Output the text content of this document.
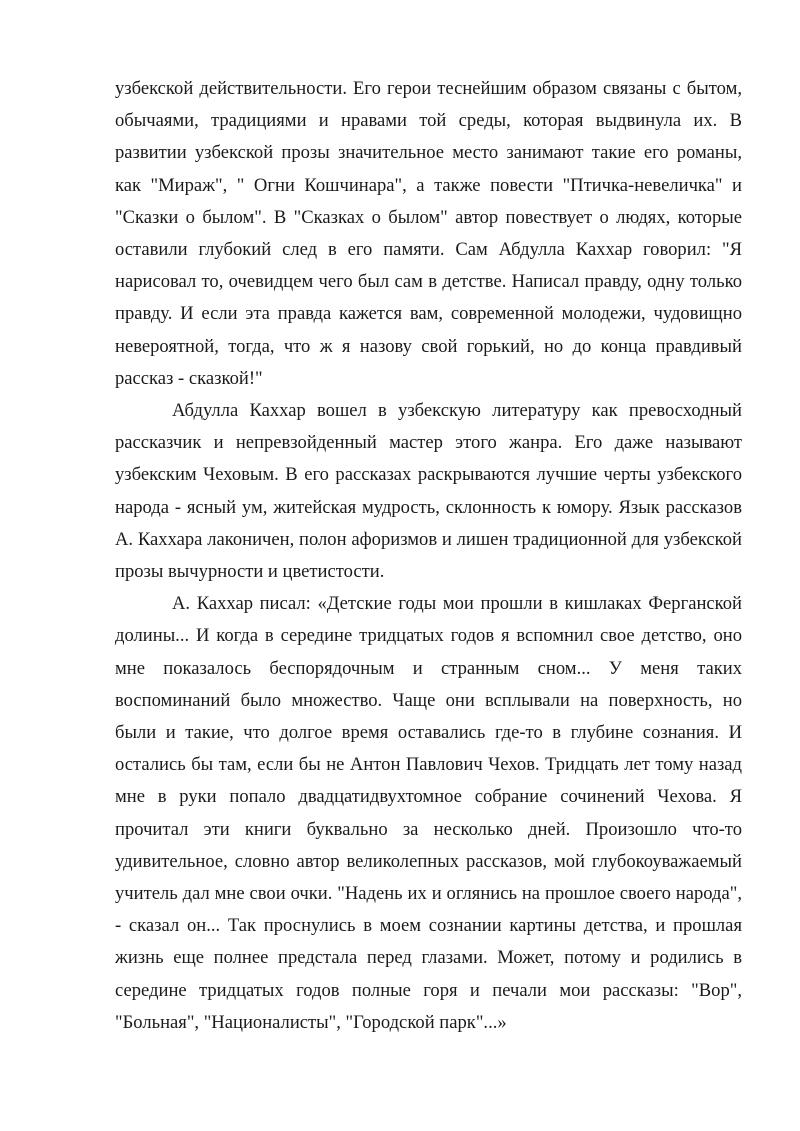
узбекской действительности. Его герои теснейшим образом связаны с бытом, обычаями, традициями и нравами той среды, которая выдвинула их. В развитии узбекской прозы значительное место занимают такие его романы, как "Мираж", " Огни Кошчинара", а также повести "Птичка-невеличка" и "Сказки о былом". В "Сказках о былом" автор повествует о людях, которые оставили глубокий след в его памяти. Сам Абдулла Каххар говорил: "Я нарисовал то, очевидцем чего был сам в детстве. Написал правду, одну только правду. И если эта правда кажется вам, современной молодежи, чудовищно невероятной, тогда, что ж я назову свой горький, но до конца правдивый рассказ - сказкой!"

Абдулла Каххар вошел в узбекскую литературу как превосходный рассказчик и непревзойденный мастер этого жанра. Его даже называют узбекским Чеховым. В его рассказах раскрываются лучшие черты узбекского народа - ясный ум, житейская мудрость, склонность к юмору. Язык рассказов А. Каххара лаконичен, полон афоризмов и лишен традиционной для узбекской прозы вычурности и цветистости.

А. Каххар писал: «Детские годы мои прошли в кишлаках Ферганской долины... И когда в середине тридцатых годов я вспомнил свое детство, оно мне показалось беспорядочным и странным сном... У меня таких воспоминаний было множество. Чаще они всплывали на поверхность, но были и такие, что долгое время оставались где-то в глубине сознания. И остались бы там, если бы не Антон Павлович Чехов. Тридцать лет тому назад мне в руки попало двадцатидвухтомное собрание сочинений Чехова. Я прочитал эти книги буквально за несколько дней. Произошло что-то удивительное, словно автор великолепных рассказов, мой глубокоуважаемый учитель дал мне свои очки. "Надень их и оглянись на прошлое своего народа", - сказал он... Так проснулись в моем сознании картины детства, и прошлая жизнь еще полнее предстала перед глазами. Может, потому и родились в середине тридцатых годов полные горя и печали мои рассказы: "Вор", "Больная", "Националисты", "Городской парк"...»
